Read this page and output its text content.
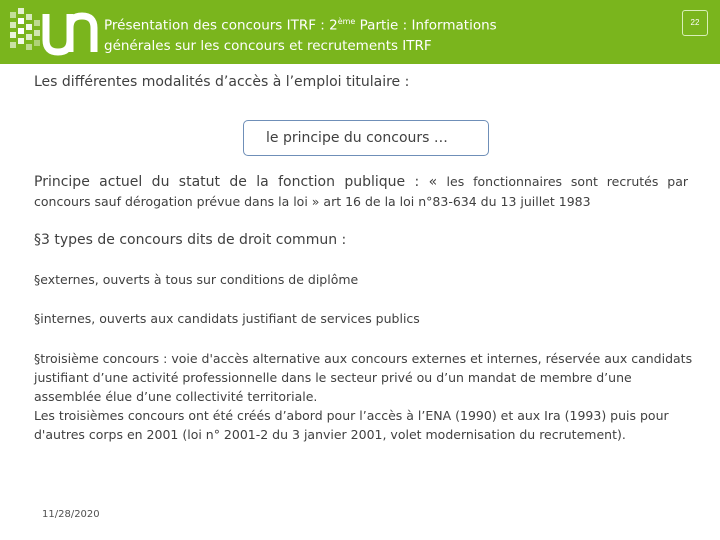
Présentation des concours ITRF : 2ème Partie : Informations générales sur les concours et recrutements ITRF
22
Les différentes modalités d’accès à l’emploi titulaire :
le principe du concours …
Principe actuel du statut de la fonction publique : « les fonctionnaires sont recrutés par
concours sauf dérogation prévue dans la loi » art 16 de la loi n°83-634 du 13 juillet 1983
§3 types de concours dits de droit commun :
§externes, ouverts à tous sur conditions de diplôme
§internes, ouverts aux candidats justifiant de services publics
§troisième concours : voie d'accès alternative aux concours externes et internes, réservée aux candidats justifiant d’une activité professionnelle dans le secteur privé ou d’un mandat de membre d’une assemblée élue d’une collectivité territoriale.
Les troisièmes concours ont été créés d’abord pour l’accès à l’ENA (1990) et aux Ira (1993) puis pour d'autres corps en 2001 (loi n° 2001-2 du 3 janvier 2001, volet modernisation du recrutement).
11/28/2020
